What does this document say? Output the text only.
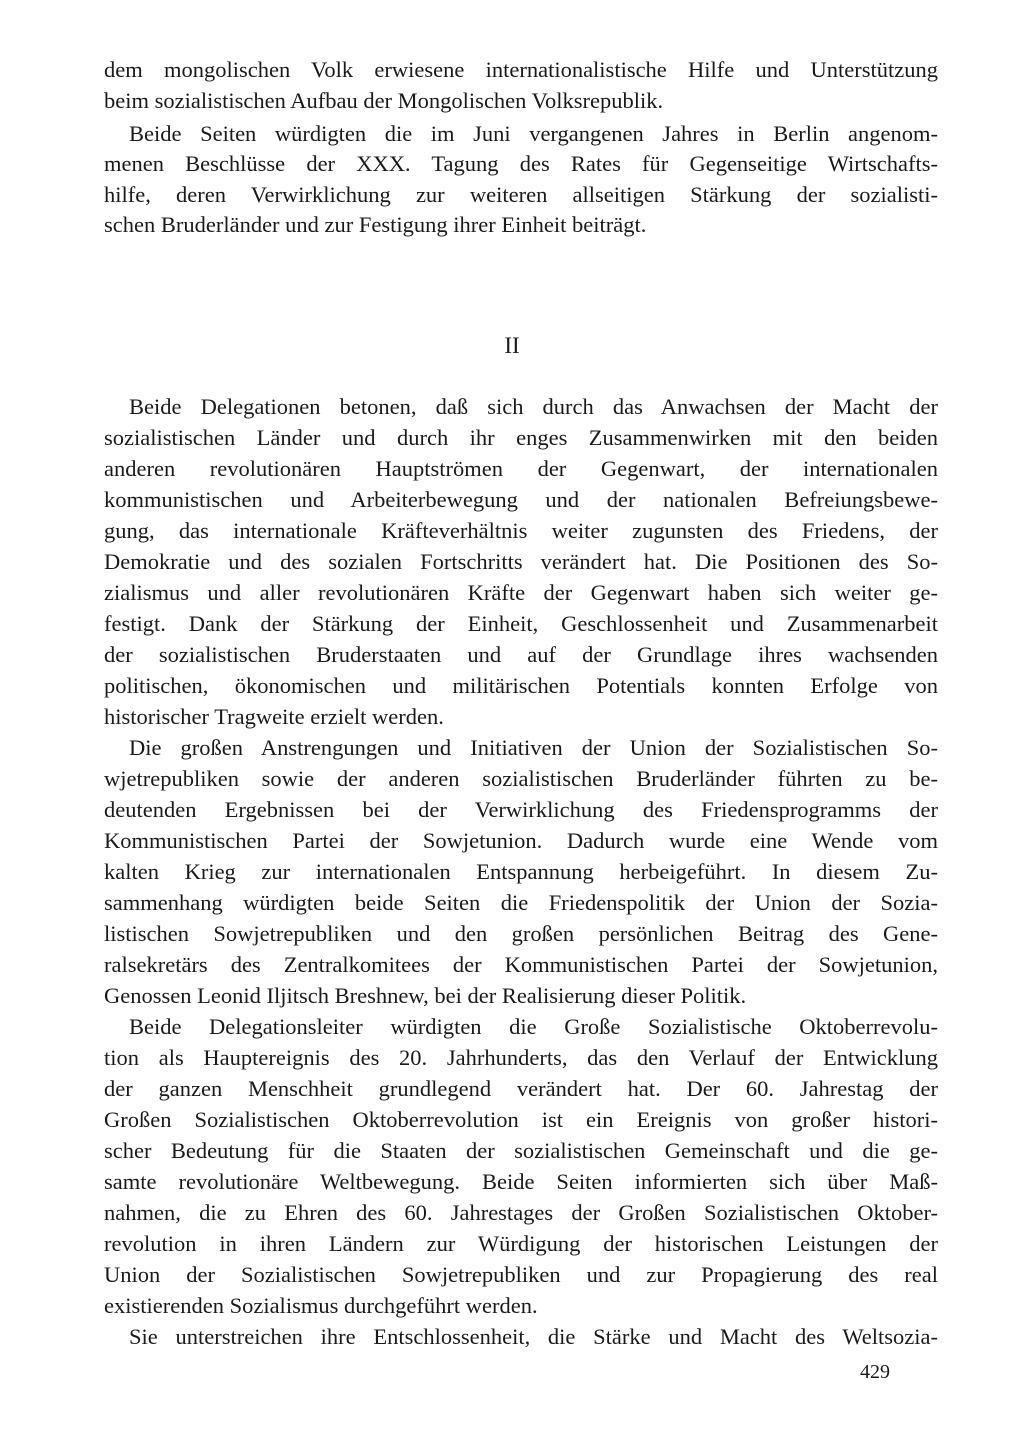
dem mongolischen Volk erwiesene internationalistische Hilfe und Unterstützung
beim sozialistischen Aufbau der Mongolischen Volksrepublik.
Beide Seiten würdigten die im Juni vergangenen Jahres in Berlin angenom-
menen Beschlüsse der XXX. Tagung des Rates für Gegenseitige Wirtschafts-
hilfe, deren Verwirklichung zur weiteren allseitigen Stärkung der sozialisti-
schen Bruderländer und zur Festigung ihrer Einheit beiträgt.
II
Beide Delegationen betonen, daß sich durch das Anwachsen der Macht der
sozialistischen Länder und durch ihr enges Zusammenwirken mit den beiden
anderen revolutionären Hauptströmen der Gegenwart, der internationalen
kommunistischen und Arbeiterbewegung und der nationalen Befreiungsbewe-
gung, das internationale Kräfteverhältnis weiter zugunsten des Friedens, der
Demokratie und des sozialen Fortschritts verändert hat. Die Positionen des So-
zialismus und aller revolutionären Kräfte der Gegenwart haben sich weiter ge-
festigt. Dank der Stärkung der Einheit, Geschlossenheit und Zusammenarbeit
der sozialistischen Bruderstaaten und auf der Grundlage ihres wachsenden
politischen, ökonomischen und militärischen Potentials konnten Erfolge von
historischer Tragweite erzielt werden.
Die großen Anstrengungen und Initiativen der Union der Sozialistischen So-
wjetrepubliken sowie der anderen sozialistischen Bruderländer führten zu be-
deutenden Ergebnissen bei der Verwirklichung des Friedensprogramms der
Kommunistischen Partei der Sowjetunion. Dadurch wurde eine Wende vom
kalten Krieg zur internationalen Entspannung herbeigeführt. In diesem Zu-
sammenhang würdigten beide Seiten die Friedenspolitik der Union der Sozia-
listischen Sowjetrepubliken und den großen persönlichen Beitrag des Gene-
ralsekretärs des Zentralkomitees der Kommunistischen Partei der Sowjetunion,
Genossen Leonid Iljitsch Breshnew, bei der Realisierung dieser Politik.
Beide Delegationsleiter würdigten die Große Sozialistische Oktoberrevolu-
tion als Hauptereignis des 20. Jahrhunderts, das den Verlauf der Entwicklung
der ganzen Menschheit grundlegend verändert hat. Der 60. Jahrestag der
Großen Sozialistischen Oktoberrevolution ist ein Ereignis von großer histori-
scher Bedeutung für die Staaten der sozialistischen Gemeinschaft und die ge-
samte revolutionäre Weltbewegung. Beide Seiten informierten sich über Maß-
nahmen, die zu Ehren des 60. Jahrestages der Großen Sozialistischen Oktober-
revolution in ihren Ländern zur Würdigung der historischen Leistungen der
Union der Sozialistischen Sowjetrepubliken und zur Propagierung des real
existierenden Sozialismus durchgeführt werden.
Sie unterstreichen ihre Entschlossenheit, die Stärke und Macht des Weltsozia-
429
